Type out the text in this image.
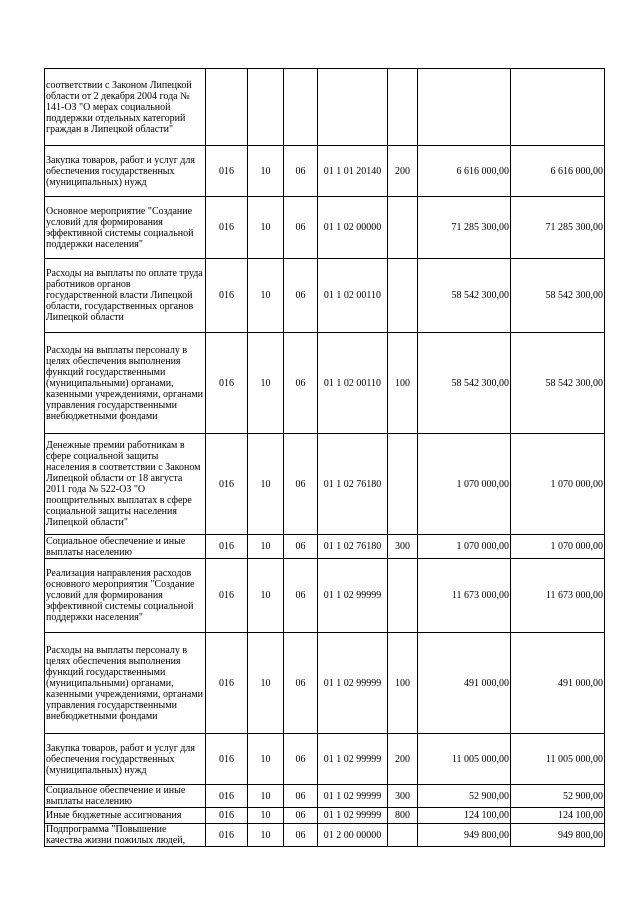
соответствии с Законом Липецкой области от 2 декабря 2004 года № 141-ОЗ "О мерах социальной поддержки отдельных категорий граждан в Липецкой области"							
Закупка товаров, работ и услуг для обеспечения государственных (муниципальных) нужд	016	10	06	01 1 01 20140	200	6 616 000,00	6 616 000,00
Основное мероприятие "Создание условий для формирования эффективной системы социальной поддержки населения"	016	10	06	01 1 02 00000		71 285 300,00	71 285 300,00
Расходы на выплаты по оплате труда работников органов государственной власти Липецкой области, государственных органов Липецкой области	016	10	06	01 1 02 00110		58 542 300,00	58 542 300,00
Расходы на выплаты персоналу в целях обеспечения выполнения функций государственными (муниципальными) органами, казенными учреждениями, органами управления государственными внебюджетными фондами	016	10	06	01 1 02 00110	100	58 542 300,00	58 542 300,00
Денежные премии работникам в сфере социальной защиты населения в соответствии с Законом Липецкой области от 18 августа 2011 года № 522-ОЗ "О поощрительных выплатах в сфере социальной защиты населения Липецкой области"	016	10	06	01 1 02 76180		1 070 000,00	1 070 000,00
Социальное обеспечение и иные выплаты населению	016	10	06	01 1 02 76180	300	1 070 000,00	1 070 000,00
Реализация направления расходов основного мероприятия "Создание условий для формирования эффективной системы социальной поддержки населения"	016	10	06	01 1 02 99999		11 673 000,00	11 673 000,00
Расходы на выплаты персоналу в целях обеспечения выполнения функций государственными (муниципальными) органами, казенными учреждениями, органами управления государственными внебюджетными фондами	016	10	06	01 1 02 99999	100	491 000,00	491 000,00
Закупка товаров, работ и услуг для обеспечения государственных (муниципальных) нужд	016	10	06	01 1 02 99999	200	11 005 000,00	11 005 000,00
Социальное обеспечение и иные выплаты населению	016	10	06	01 1 02 99999	300	52 900,00	52 900,00
Иные бюджетные ассигнования	016	10	06	01 1 02 99999	800	124 100,00	124 100,00
Подпрограмма "Повышение качества жизни пожилых людей,	016	10	06	01 2 00 00000		949 800,00	949 800,00
